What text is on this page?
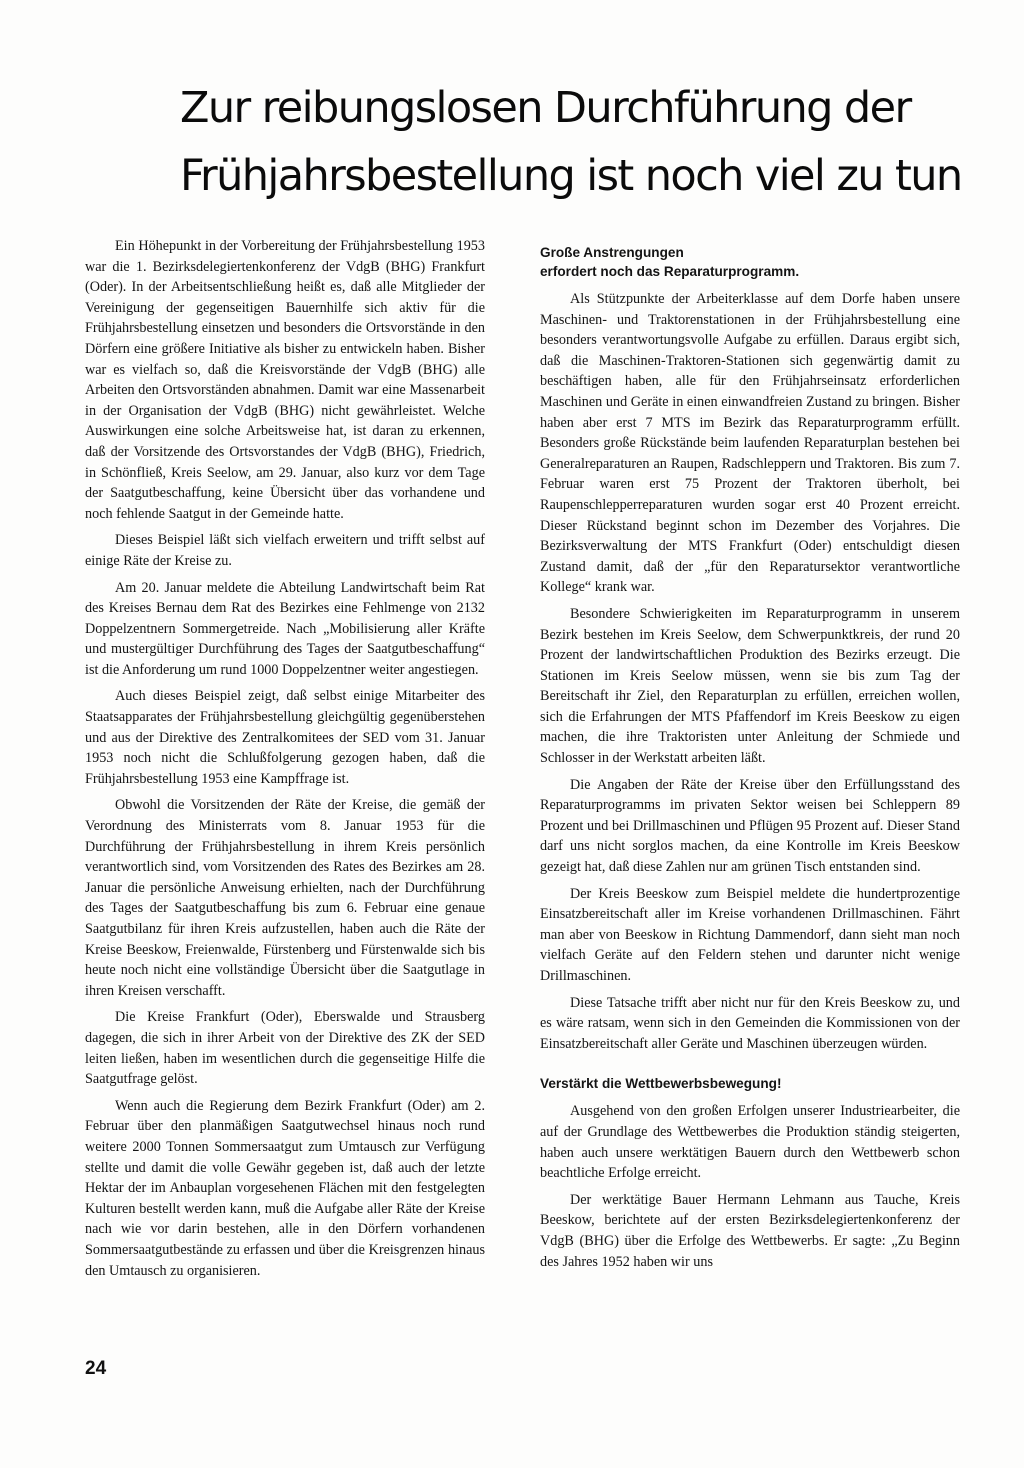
Zur reibungslosen Durchführung der
Frühjahrsbestellung ist noch viel zu tun

Ein Höhepunkt in der Vorbereitung der Frühjahrsbestellung 1953 war die 1. Bezirksdelegiertenkonferenz der VdgB (BHG) Frankfurt (Oder). In der Arbeitsentschließung heißt es, daß alle Mitglieder der Vereinigung der gegenseitigen Bauernhilfe sich aktiv für die Frühjahrsbestellung einsetzen und besonders die Ortsvorstände in den Dörfern eine größere Initiative als bisher zu entwickeln haben. Bisher war es vielfach so, daß die Kreisvorstände der VdgB (BHG) alle Arbeiten den Ortsvorständen abnahmen. Damit war eine Massenarbeit in der Organisation der VdgB (BHG) nicht gewährleistet. Welche Auswirkungen eine solche Arbeitsweise hat, ist daran zu erkennen, daß der Vorsitzende des Ortsvorstandes der VdgB (BHG), Friedrich, in Schönfließ, Kreis Seelow, am 29. Januar, also kurz vor dem Tage der Saatgutbeschaffung, keine Übersicht über das vorhandene und noch fehlende Saatgut in der Gemeinde hatte.

Dieses Beispiel läßt sich vielfach erweitern und trifft selbst auf einige Räte der Kreise zu.

Am 20. Januar meldete die Abteilung Landwirtschaft beim Rat des Kreises Bernau dem Rat des Bezirkes eine Fehlmenge von 2132 Doppelzentnern Sommergetreide. Nach „Mobilisierung aller Kräfte und mustergültiger Durchführung des Tages der Saatgutbeschaffung“ ist die Anforderung um rund 1000 Doppelzentner weiter angestiegen.

Auch dieses Beispiel zeigt, daß selbst einige Mitarbeiter des Staatsapparates der Frühjahrsbestellung gleichgültig gegenüberstehen und aus der Direktive des Zentralkomitees der SED vom 31. Januar 1953 noch nicht die Schlußfolgerung gezogen haben, daß die Frühjahrsbestellung 1953 eine Kampffrage ist.

Obwohl die Vorsitzenden der Räte der Kreise, die gemäß der Verordnung des Ministerrats vom 8. Januar 1953 für die Durchführung der Frühjahrsbestellung in ihrem Kreis persönlich verantwortlich sind, vom Vorsitzenden des Rates des Bezirkes am 28. Januar die persönliche Anweisung erhielten, nach der Durchführung des Tages der Saatgutbeschaffung bis zum 6. Februar eine genaue Saatgutbilanz für ihren Kreis aufzustellen, haben auch die Räte der Kreise Beeskow, Freienwalde, Fürstenberg und Fürstenwalde sich bis heute noch nicht eine vollständige Übersicht über die Saatgutlage in ihren Kreisen verschafft.

Die Kreise Frankfurt (Oder), Eberswalde und Strausberg dagegen, die sich in ihrer Arbeit von der Direktive des ZK der SED leiten ließen, haben im wesentlichen durch die gegenseitige Hilfe die Saatgutfrage gelöst.

Wenn auch die Regierung dem Bezirk Frankfurt (Oder) am 2. Februar über den planmäßigen Saatgutwechsel hinaus noch rund weitere 2000 Tonnen Sommersaatgut zum Umtausch zur Verfügung stellte und damit die volle Gewähr gegeben ist, daß auch der letzte Hektar der im Anbauplan vorgesehenen Flächen mit den festgelegten Kulturen bestellt werden kann, muß die Aufgabe aller Räte der Kreise nach wie vor darin bestehen, alle in den Dörfern vorhandenen Sommersaatgutbestände zu erfassen und über die Kreisgrenzen hinaus den Umtausch zu organisieren.

Große Anstrengungen
erfordert noch das Reparaturprogramm.

Als Stützpunkte der Arbeiterklasse auf dem Dorfe haben unsere Maschinen- und Traktorenstationen in der Frühjahrsbestellung eine besonders verantwortungsvolle Aufgabe zu erfüllen. Daraus ergibt sich, daß die Maschinen-Traktoren-Stationen sich gegenwärtig damit zu beschäftigen haben, alle für den Frühjahrseinsatz erforderlichen Maschinen und Geräte in einen einwandfreien Zustand zu bringen. Bisher haben aber erst 7 MTS im Bezirk das Reparaturprogramm erfüllt. Besonders große Rückstände beim laufenden Reparaturplan bestehen bei Generalreparaturen an Raupen, Radschleppern und Traktoren. Bis zum 7. Februar waren erst 75 Prozent der Traktoren überholt, bei Raupenschlepperreparaturen wurden sogar erst 40 Prozent erreicht. Dieser Rückstand beginnt schon im Dezember des Vorjahres. Die Bezirksverwaltung der MTS Frankfurt (Oder) entschuldigt diesen Zustand damit, daß der „für den Reparatursektor verantwortliche Kollege“ krank war.

Besondere Schwierigkeiten im Reparaturprogramm in unserem Bezirk bestehen im Kreis Seelow, dem Schwerpunktkreis, der rund 20 Prozent der landwirtschaftlichen Produktion des Bezirks erzeugt. Die Stationen im Kreis Seelow müssen, wenn sie bis zum Tag der Bereitschaft ihr Ziel, den Reparaturplan zu erfüllen, erreichen wollen, sich die Erfahrungen der MTS Pfaffendorf im Kreis Beeskow zu eigen machen, die ihre Traktoristen unter Anleitung der Schmiede und Schlosser in der Werkstatt arbeiten läßt.

Die Angaben der Räte der Kreise über den Erfüllungsstand des Reparaturprogramms im privaten Sektor weisen bei Schleppern 89 Prozent und bei Drillmaschinen und Pflügen 95 Prozent auf. Dieser Stand darf uns nicht sorglos machen, da eine Kontrolle im Kreis Beeskow gezeigt hat, daß diese Zahlen nur am grünen Tisch entstanden sind.

Der Kreis Beeskow zum Beispiel meldete die hundertprozentige Einsatzbereitschaft aller im Kreise vorhandenen Drillmaschinen. Fährt man aber von Beeskow in Richtung Dammendorf, dann sieht man noch vielfach Geräte auf den Feldern stehen und darunter nicht wenige Drillmaschinen.

Diese Tatsache trifft aber nicht nur für den Kreis Beeskow zu, und es wäre ratsam, wenn sich in den Gemeinden die Kommissionen von der Einsatzbereitschaft aller Geräte und Maschinen überzeugen würden.

Verstärkt die Wettbewerbsbewegung!

Ausgehend von den großen Erfolgen unserer Industriearbeiter, die auf der Grundlage des Wettbewerbes die Produktion ständig steigerten, haben auch unsere werktätigen Bauern durch den Wettbewerb schon beachtliche Erfolge erreicht.

Der werktätige Bauer Hermann Lehmann aus Tauche, Kreis Beeskow, berichtete auf der ersten Bezirksdelegiertenkonferenz der VdgB (BHG) über die Erfolge des Wettbewerbs. Er sagte: „Zu Beginn des Jahres 1952 haben wir uns

24
